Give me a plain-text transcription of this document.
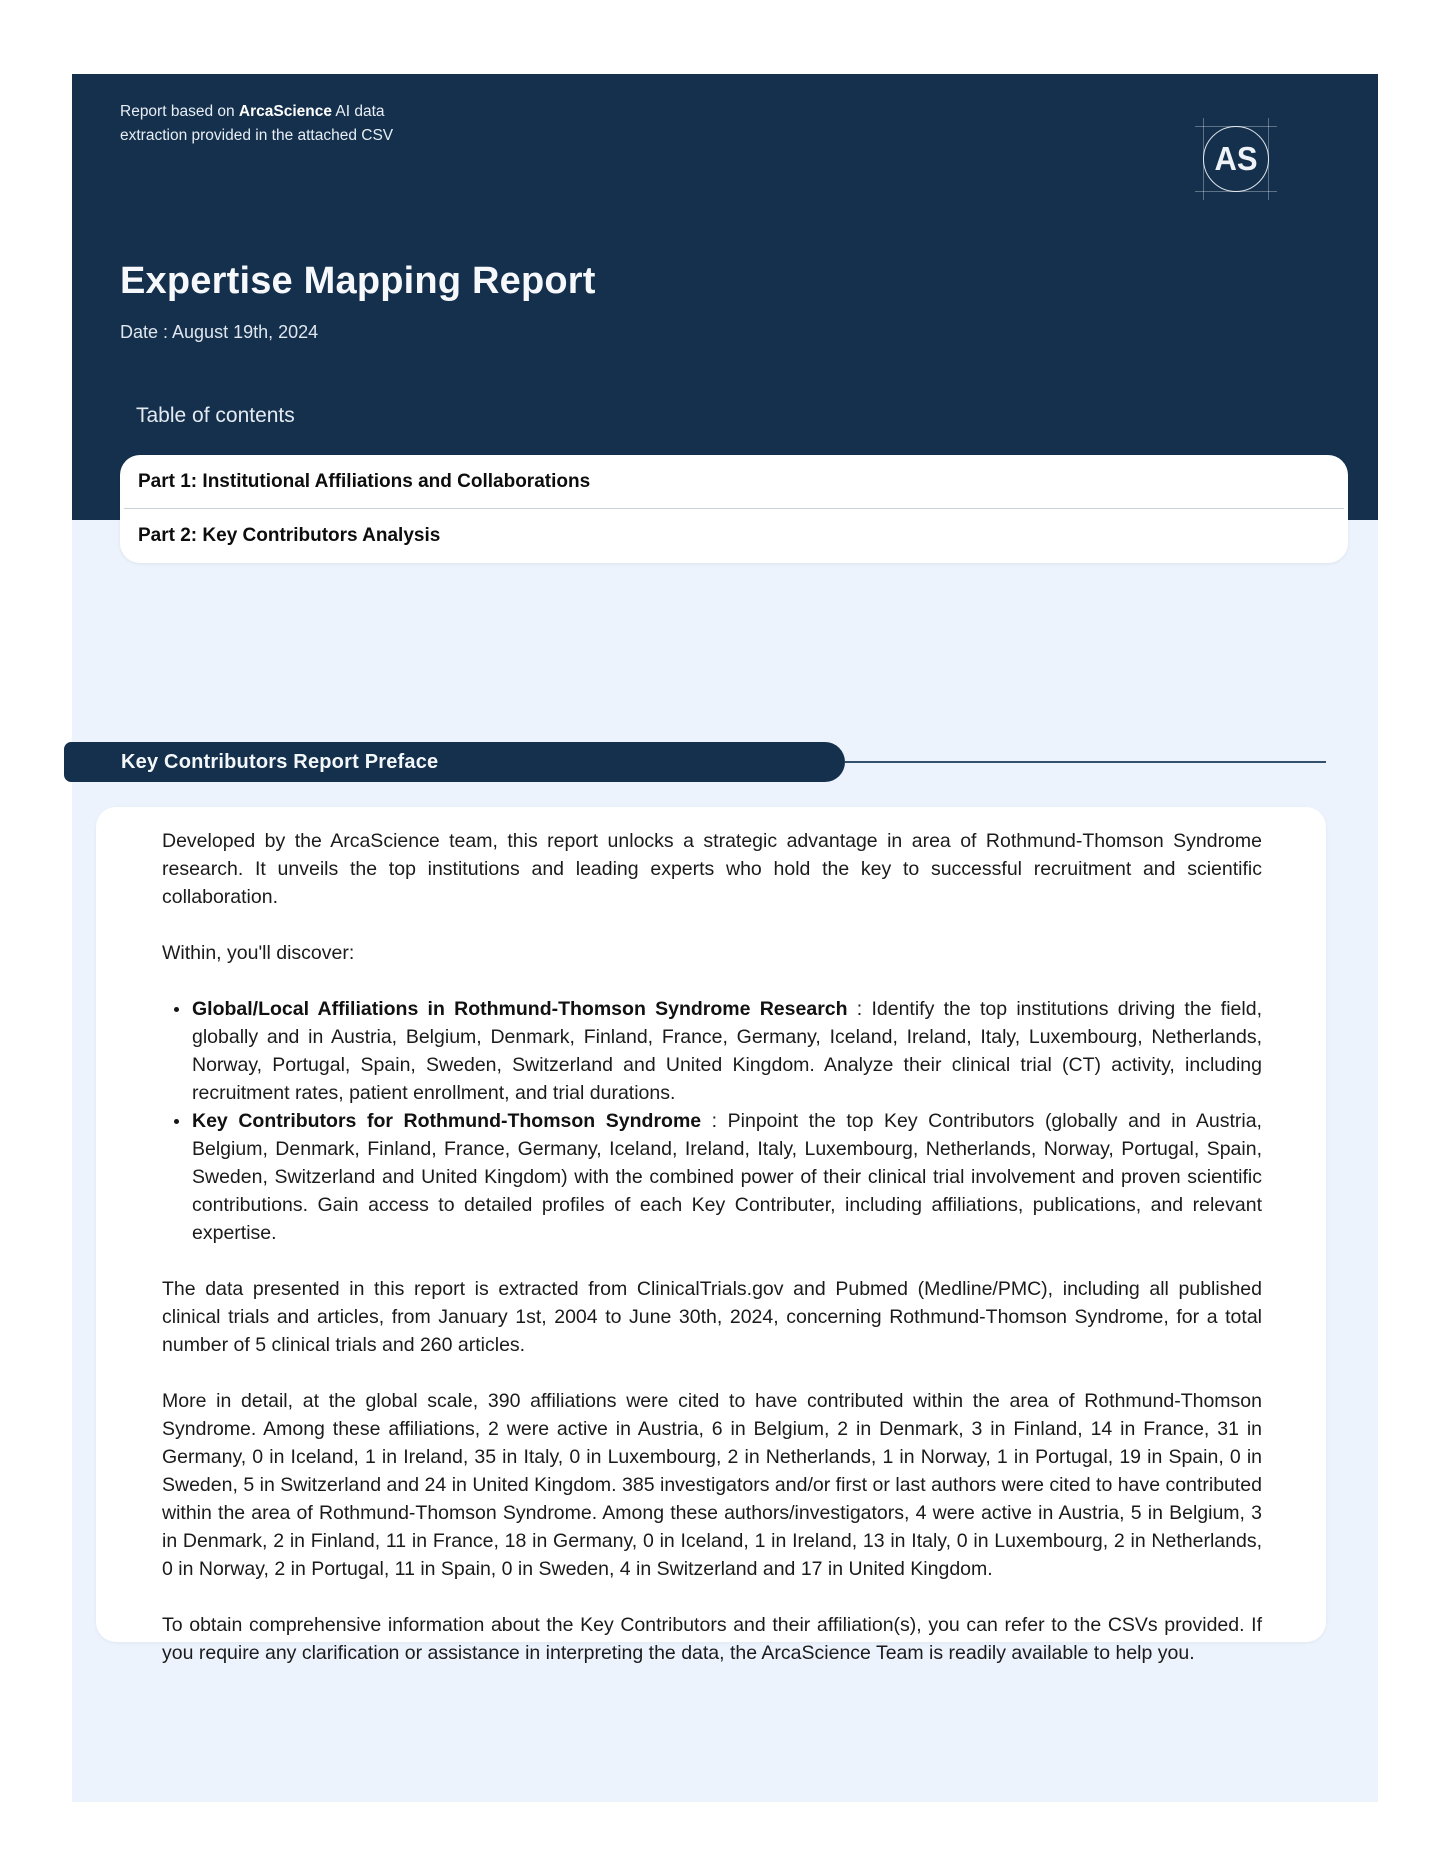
Report based on ArcaScience AI data extraction provided in the attached CSV
AS
Expertise Mapping Report
Date : August 19th, 2024
Table of contents
Part 1: Institutional Affiliations and Collaborations
Part 2: Key Contributors Analysis
Key Contributors Report Preface

Developed by the ArcaScience team, this report unlocks a strategic advantage in area of Rothmund-Thomson Syndrome research. It unveils the top institutions and leading experts who hold the key to successful recruitment and scientific collaboration.

Within, you'll discover:

Global/Local Affiliations in Rothmund-Thomson Syndrome Research : Identify the top institutions driving the field, globally and in Austria, Belgium, Denmark, Finland, France, Germany, Iceland, Ireland, Italy, Luxembourg, Netherlands, Norway, Portugal, Spain, Sweden, Switzerland and United Kingdom. Analyze their clinical trial (CT) activity, including recruitment rates, patient enrollment, and trial durations.
Key Contributors for Rothmund-Thomson Syndrome : Pinpoint the top Key Contributors (globally and in Austria, Belgium, Denmark, Finland, France, Germany, Iceland, Ireland, Italy, Luxembourg, Netherlands, Norway, Portugal, Spain, Sweden, Switzerland and United Kingdom) with the combined power of their clinical trial involvement and proven scientific contributions. Gain access to detailed profiles of each Key Contributer, including affiliations, publications, and relevant expertise.

The data presented in this report is extracted from ClinicalTrials.gov and Pubmed (Medline/PMC), including all published clinical trials and articles, from January 1st, 2004 to June 30th, 2024, concerning Rothmund-Thomson Syndrome, for a total number of 5 clinical trials and 260 articles.

More in detail, at the global scale, 390 affiliations were cited to have contributed within the area of Rothmund-Thomson Syndrome. Among these affiliations, 2 were active in Austria, 6 in Belgium, 2 in Denmark, 3 in Finland, 14 in France, 31 in Germany, 0 in Iceland, 1 in Ireland, 35 in Italy, 0 in Luxembourg, 2 in Netherlands, 1 in Norway, 1 in Portugal, 19 in Spain, 0 in Sweden, 5 in Switzerland and 24 in United Kingdom. 385 investigators and/or first or last authors were cited to have contributed within the area of Rothmund-Thomson Syndrome. Among these authors/investigators, 4 were active in Austria, 5 in Belgium, 3 in Denmark, 2 in Finland, 11 in France, 18 in Germany, 0 in Iceland, 1 in Ireland, 13 in Italy, 0 in Luxembourg, 2 in Netherlands, 0 in Norway, 2 in Portugal, 11 in Spain, 0 in Sweden, 4 in Switzerland and 17 in United Kingdom.

To obtain comprehensive information about the Key Contributors and their affiliation(s), you can refer to the CSVs provided. If you require any clarification or assistance in interpreting the data, the ArcaScience Team is readily available to help you.
